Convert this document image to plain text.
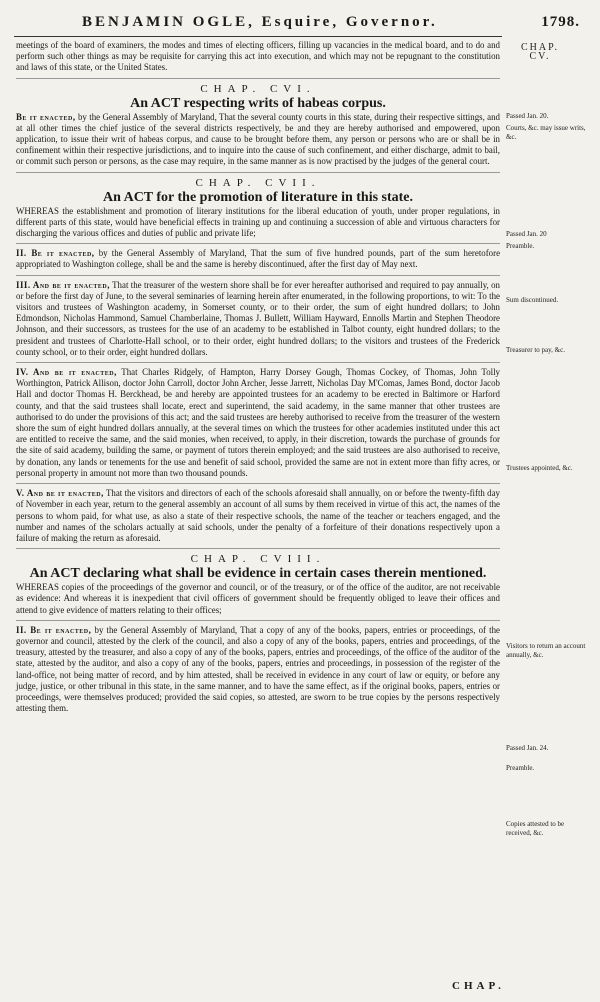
BENJAMIN OGLE, Esquire, Governor.	1798.
CHAP. CV.
Passed Jan. 20.
Courts, &c. may issue writs, &c.
Passed Jan. 20
Preamble.
Sum discontinued.
Treasurer to pay, &c.
Trustees appointed, &c.
Visitors to return an account annually, &c.
Passed Jan. 24.
Preamble.
Copies attested to be received, &c.

meetings of the board of examiners, the modes and times of electing officers, filling up vacancies in the medical board, and to do and perform such other things as may be requisite for carrying this act into execution, and which may not be repugnant to the constitution and laws of this state, or the United States.

CHAP. CVI.

An ACT respecting writs of habeas corpus.

Be it enacted, by the General Assembly of Maryland, That the several county courts in this state, during their respective sittings, and at all other times the chief justice of the several districts respectively, be and they are hereby authorised and empowered, upon application, to issue their writ of habeas corpus, and cause to be brought before them, any person or persons who are or shall be in confinement within their respective jurisdictions, and to inquire into the cause of such confinement, and either discharge, admit to bail, or commit such person or persons, as the case may require, in the same manner as is now practised by the judges of the general court.

CHAP. CVII.

An ACT for the promotion of literature in this state.

WHEREAS the establishment and promotion of literary institutions for the liberal education of youth, under proper regulations, in different parts of this state, would have beneficial effects in training up and continuing a succession of able and virtuous characters for discharging the various offices and duties of public and private life;

II. Be it enacted, by the General Assembly of Maryland, That the sum of five hundred pounds, part of the sum heretofore appropriated to Washington college, shall be and the same is hereby discontinued, after the first day of May next.

III. And be it enacted, That the treasurer of the western shore shall be for ever hereafter authorised and required to pay annually, on or before the first day of June, to the several seminaries of learning herein after enumerated, in the following proportions, to wit: To the visitors and trustees of Washington academy, in Somerset county, or to their order, the sum of eight hundred dollars; to John Edmondson, Nicholas Hammond, Samuel Chamberlaine, Thomas J. Bullett, William Hayward, Ennolls Martin and Stephen Theodore Johnson, and their successors, as trustees for the use of an academy to be established in Talbot county, eight hundred dollars; to the president and trustees of Charlotte-Hall school, or to their order, eight hundred dollars; to the visitors and trustees of the Frederick county school, or to their order, eight hundred dollars.

IV. And be it enacted, That Charles Ridgely, of Hampton, Harry Dorsey Gough, Thomas Cockey, of Thomas, John Tolly Worthington, Patrick Allison, doctor John Carroll, doctor John Archer, Jesse Jarrett, Nicholas Day M'Comas, James Bond, doctor Jacob Hall and doctor Thomas H. Berckhead, be and hereby are appointed trustees for an academy to be erected in Baltimore or Harford county, and that the said trustees shall locate, erect and superintend, the said academy, in the same manner that other trustees are authorised to do under the provisions of this act; and the said trustees are hereby authorised to receive from the treasurer of the western shore the sum of eight hundred dollars annually, at the several times on which the trustees for other academies instituted under this act are entitled to receive the same, and the said monies, when received, to apply, in their discretion, towards the purchase of grounds for the site of said academy, building the same, or payment of tutors therein employed; and the said trustees are also authorised to receive, by donation, any lands or tenements for the use and benefit of said school, provided the same are not in extent more than fifty acres, or personal property in amount not more than two thousand pounds.

V. And be it enacted, That the visitors and directors of each of the schools aforesaid shall annually, on or before the twenty-fifth day of November in each year, return to the general assembly an account of all sums by them received in virtue of this act, the names of the persons to whom paid, for what use, as also a state of their respective schools, the name of the teacher or teachers engaged, and the number and names of the scholars actually at said schools, under the penalty of a forfeiture of their donations respectively upon a failure of making the return as aforesaid.

CHAP. CVIII.

An ACT declaring what shall be evidence in certain cases therein mentioned.

WHEREAS copies of the proceedings of the governor and council, or of the treasury, or of the office of the auditor, are not receivable as evidence: And whereas it is inexpedient that civil officers of government should be frequently obliged to leave their offices and attend to give evidence of matters relating to their offices;

II. Be it enacted, by the General Assembly of Maryland, That a copy of any of the books, papers, entries or proceedings, of the governor and council, attested by the clerk of the council, and also a copy of any of the books, papers, entries and proceedings, of the treasury, attested by the treasurer, and also a copy of any of the books, papers, entries and proceedings, of the office of the auditor of the state, attested by the auditor, and also a copy of any of the books, papers, entries and proceedings, in possession of the register of the land-office, not being matter of record, and by him attested, shall be received in evidence in any court of law or equity, or before any judge, justice, or other tribunal in this state, in the same manner, and to have the same effect, as if the original books, papers, entries or proceedings, were themselves produced; provided the said copies, so attested, are sworn to be true copies by the persons respectively attesting them.

CHAP.
